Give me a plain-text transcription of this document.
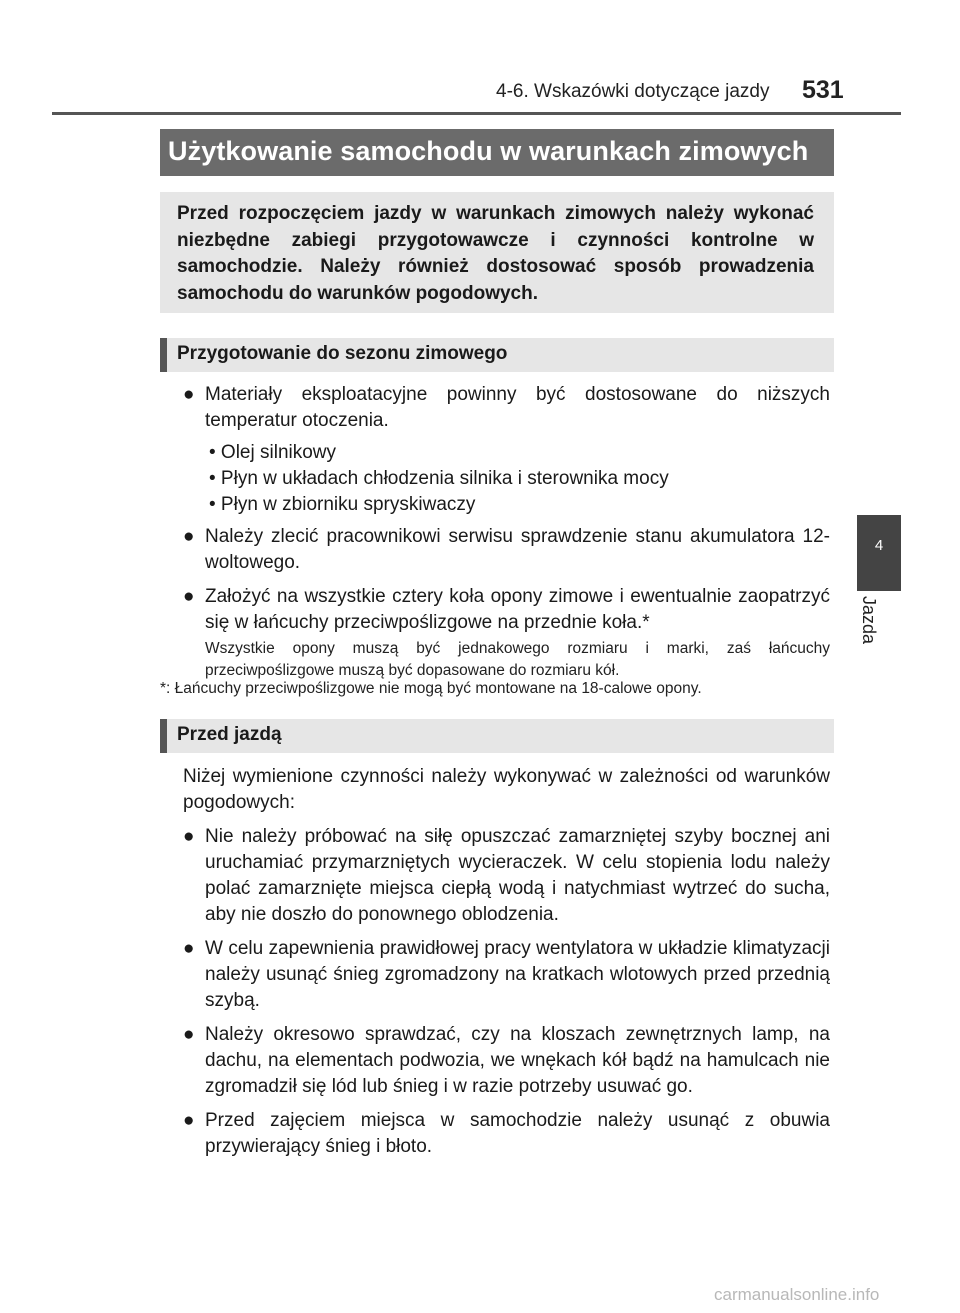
4-6. Wskazówki dotyczące jazdy 531
4
Jazda
Użytkowanie samochodu w warunkach zimowych
Przed rozpoczęciem jazdy w warunkach zimowych należy wykonać niezbędne zabiegi przygotowawcze i czynności kontrolne w samochodzie. Należy również dostosować sposób prowadzenia samochodu do warunków pogodowych.
Przygotowanie do sezonu zimowego
● Materiały eksploatacyjne powinny być dostosowane do niższych temperatur otoczenia.
• Olej silnikowy
• Płyn w układach chłodzenia silnika i sterownika mocy
• Płyn w zbiorniku spryskiwaczy
● Należy zlecić pracownikowi serwisu sprawdzenie stanu akumulatora 12-woltowego.
● Założyć na wszystkie cztery koła opony zimowe i ewentualnie zaopatrzyć się w łańcuchy przeciwpoślizgowe na przednie koła.*
Wszystkie opony muszą być jednakowego rozmiaru i marki, zaś łańcuchy przeciwpoślizgowe muszą być dopasowane do rozmiaru kół.
*: Łańcuchy przeciwpoślizgowe nie mogą być montowane na 18-calowe opony.
Przed jazdą
Niżej wymienione czynności należy wykonywać w zależności od warunków pogodowych:
● Nie należy próbować na siłę opuszczać zamarzniętej szyby bocznej ani uruchamiać przymarzniętych wycieraczek. W celu stopienia lodu należy polać zamarznięte miejsca ciepłą wodą i natychmiast wytrzeć do sucha, aby nie doszło do ponownego oblodzenia.
● W celu zapewnienia prawidłowej pracy wentylatora w układzie klimatyzacji należy usunąć śnieg zgromadzony na kratkach wlotowych przed przednią szybą.
● Należy okresowo sprawdzać, czy na kloszach zewnętrznych lamp, na dachu, na elementach podwozia, we wnękach kół bądź na hamulcach nie zgromadził się lód lub śnieg i w razie potrzeby usuwać go.
● Przed zajęciem miejsca w samochodzie należy usunąć z obuwia przywierający śnieg i błoto.
carmanualsonline.info
